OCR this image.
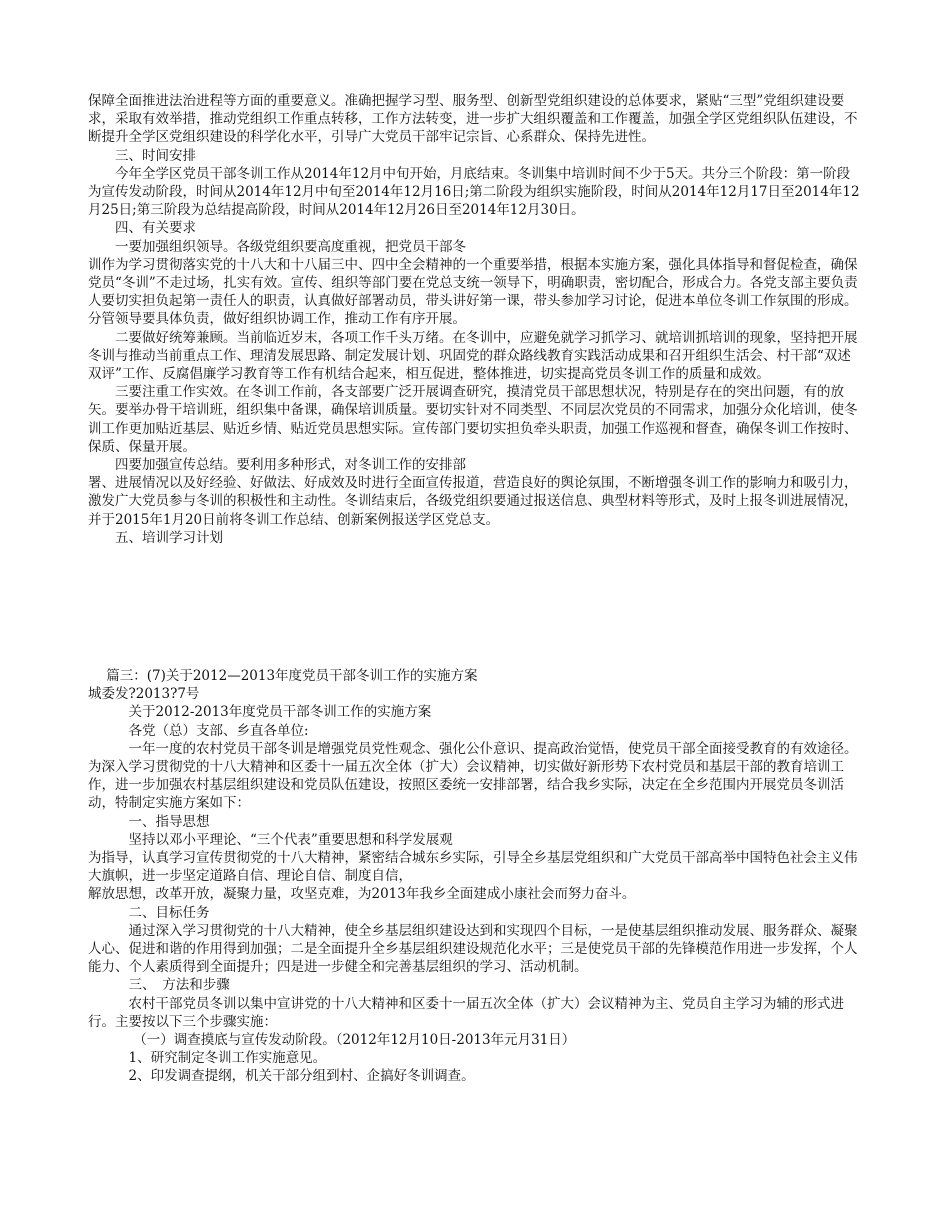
保障全面推进法治进程等方面的重要意义。准确把握学习型、服务型、创新型党组织建设的总体要求，紧贴“三型”党组织建设要求，采取有效举措，推动党组织工作重点转移，工作方法转变，进一步扩大组织覆盖和工作覆盖，加强全学区党组织队伍建设，不断提升全学区党组织建设的科学化水平，引导广大党员干部牢记宗旨、心系群众、保持先进性。

三、时间安排

今年全学区党员干部冬训工作从2014年12月中旬开始，月底结束。冬训集中培训时间不少于5天。共分三个阶段：第一阶段为宣传发动阶段，时间从2014年12月中旬至2014年12月16日;第二阶段为组织实施阶段，时间从2014年12月17日至2014年12月25日;第三阶段为总结提高阶段，时间从2014年12月26日至2014年12月30日。

四、有关要求

一要加强组织领导。各级党组织要高度重视，把党员干部冬

训作为学习贯彻落实党的十八大和十八届三中、四中全会精神的一个重要举措，根据本实施方案，强化具体指导和督促检查，确保党员“冬训”不走过场，扎实有效。宣传、组织等部门要在党总支统一领导下，明确职责，密切配合，形成合力。各党支部主要负责人要切实担负起第一责任人的职责，认真做好部署动员，带头讲好第一课，带头参加学习讨论，促进本单位冬训工作氛围的形成。分管领导要具体负责，做好组织协调工作，推动工作有序开展。

二要做好统筹兼顾。当前临近岁末，各项工作千头万绪。在冬训中，应避免就学习抓学习、就培训抓培训的现象，坚持把开展冬训与推动当前重点工作、理清发展思路、制定发展计划、巩固党的群众路线教育实践活动成果和召开组织生活会、村干部“双述双评”工作、反腐倡廉学习教育等工作有机结合起来，相互促进，整体推进，切实提高党员冬训工作的质量和成效。

三要注重工作实效。在冬训工作前，各支部要广泛开展调查研究，摸清党员干部思想状况，特别是存在的突出问题，有的放矢。要举办骨干培训班，组织集中备课，确保培训质量。要切实针对不同类型、不同层次党员的不同需求，加强分众化培训，使冬训工作更加贴近基层、贴近乡情、贴近党员思想实际。宣传部门要切实担负牵头职责，加强工作巡视和督查，确保冬训工作按时、保质、保量开展。

四要加强宣传总结。要利用多种形式，对冬训工作的安排部

署、进展情况以及好经验、好做法、好成效及时进行全面宣传报道，营造良好的舆论氛围，不断增强冬训工作的影响力和吸引力，激发广大党员参与冬训的积极性和主动性。冬训结束后，各级党组织要通过报送信息、典型材料等形式，及时上报冬训进展情况，并于2015年1月20日前将冬训工作总结、创新案例报送学区党总支。

五、培训学习计划

篇三：(7)关于2012—2013年度党员干部冬训工作的实施方案

城委发?2013?7号

关于2012-2013年度党员干部冬训工作的实施方案

各党（总）支部、乡直各单位:

一年一度的农村党员干部冬训是增强党员党性观念、强化公仆意识、提高政治觉悟，使党员干部全面接受教育的有效途径。为深入学习贯彻党的十八大精神和区委十一届五次全体（扩大）会议精神，切实做好新形势下农村党员和基层干部的教育培训工作，进一步加强农村基层组织建设和党员队伍建设，按照区委统一安排部署，结合我乡实际，决定在全乡范围内开展党员冬训活动，特制定实施方案如下：

一、指导思想

坚持以邓小平理论、“三个代表”重要思想和科学发展观

为指导，认真学习宣传贯彻党的十八大精神，紧密结合城东乡实际，引导全乡基层党组织和广大党员干部高举中国特色社会主义伟大旗帜，进一步坚定道路自信、理论自信、制度自信，

解放思想，改革开放，凝聚力量，攻坚克难，为2013年我乡全面建成小康社会而努力奋斗。

二、目标任务

通过深入学习贯彻党的十八大精神，使全乡基层组织建设达到和实现四个目标，一是使基层组织推动发展、服务群众、凝聚人心、促进和谐的作用得到加强；二是全面提升全乡基层组织建设规范化水平；三是使党员干部的先锋模范作用进一步发挥，个人能力、个人素质得到全面提升；四是进一步健全和完善基层组织的学习、活动机制。

三、　方法和步骤

农村干部党员冬训以集中宣讲党的十八大精神和区委十一届五次全体（扩大）会议精神为主、党员自主学习为辅的形式进行。主要按以下三个步骤实施：

（一）调查摸底与宣传发动阶段。（2012年12月10日-2013年元月31日）

1、研究制定冬训工作实施意见。

2、印发调查提纲，机关干部分组到村、企搞好冬训调查。
